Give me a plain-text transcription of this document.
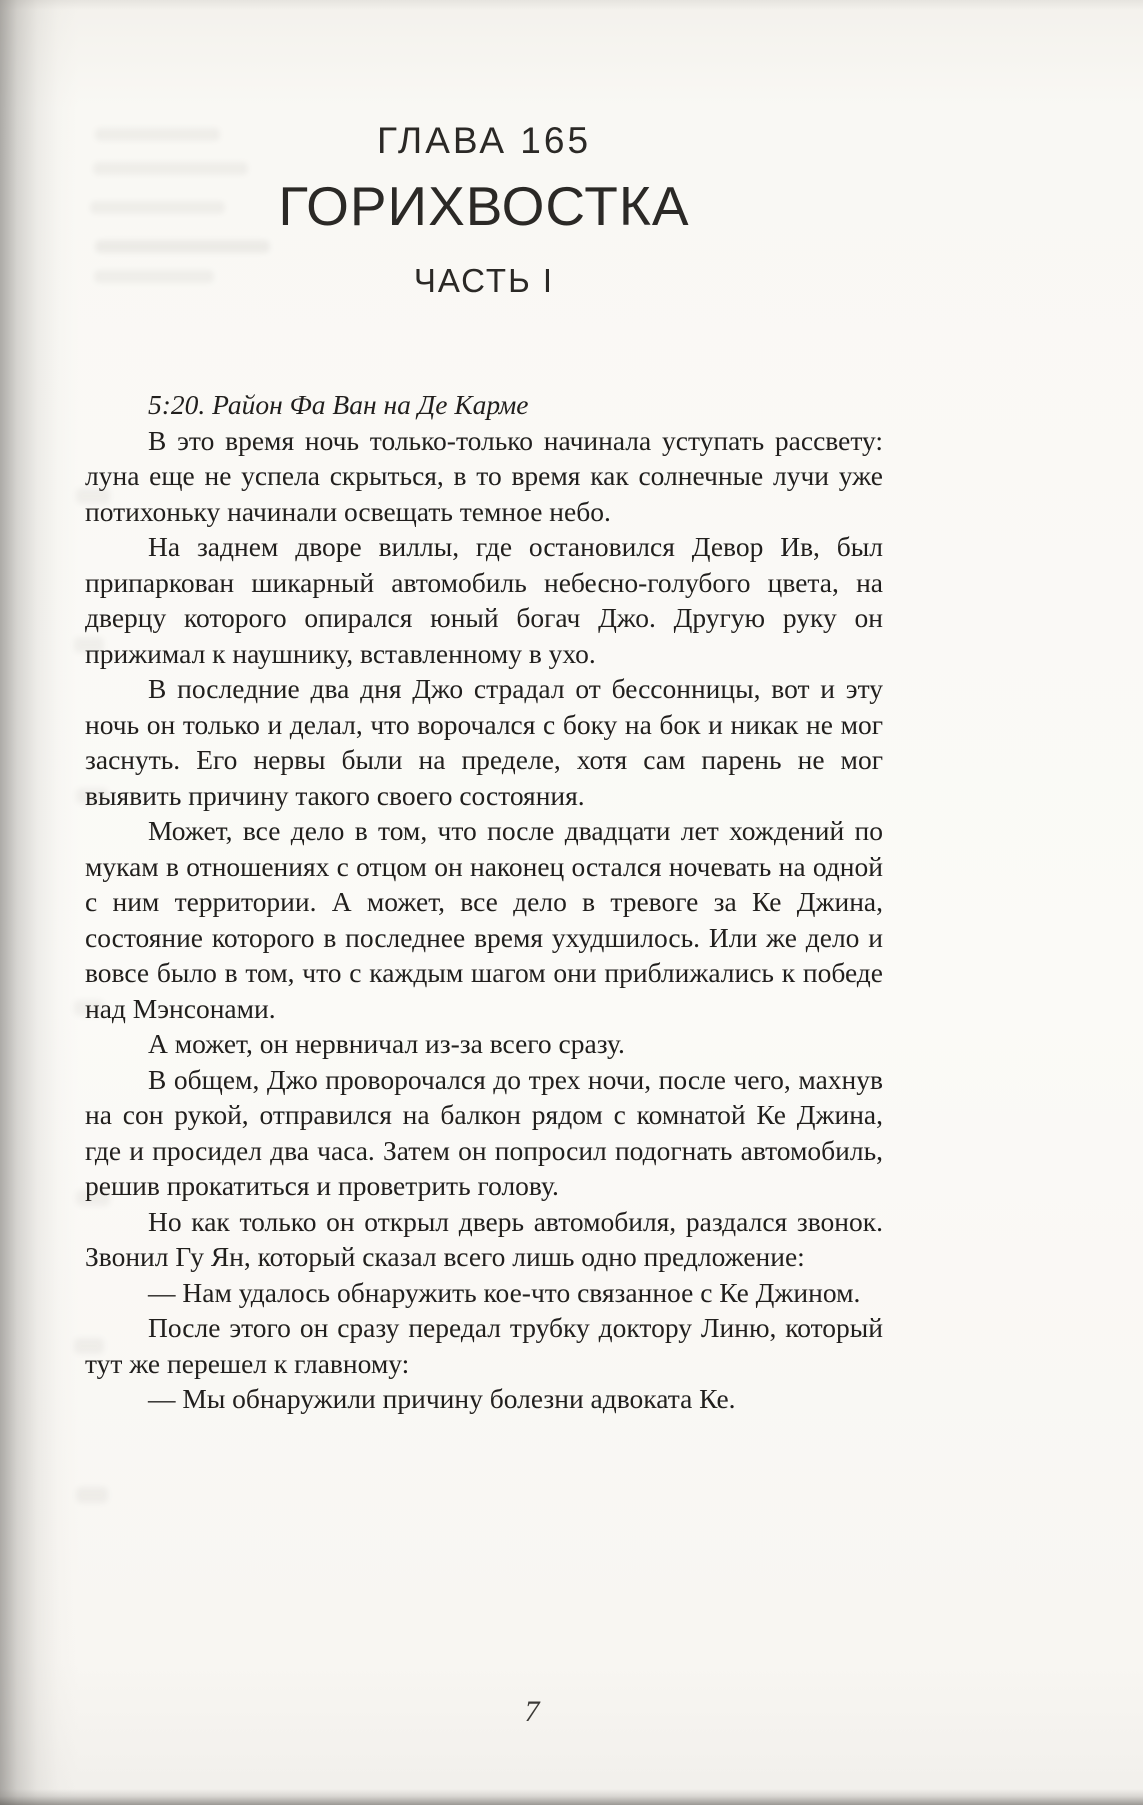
ГЛАВА 165
ГОРИХВОСТКА
ЧАСТЬ I

5:20. Район Фа Ван на Де Карме

В это время ночь только-только начинала уступать рассвету: луна еще не успела скрыться, в то время как солнечные лучи уже потихоньку начинали освещать темное небо.

На заднем дворе виллы, где остановился Девор Ив, был припаркован шикарный автомобиль небесно-голубого цвета, на дверцу которого опирался юный богач Джо. Другую руку он прижимал к наушнику, вставленному в ухо.

В последние два дня Джо страдал от бессонницы, вот и эту ночь он только и делал, что ворочался с боку на бок и никак не мог заснуть. Его нервы были на пределе, хотя сам парень не мог выявить причину такого своего состояния.

Может, все дело в том, что после двадцати лет хождений по мукам в отношениях с отцом он наконец остался ночевать на одной с ним территории. А может, все дело в тревоге за Ке Джина, состояние которого в последнее время ухудшилось. Или же дело и вовсе было в том, что с каждым шагом они приближались к победе над Мэнсонами.

А может, он нервничал из-за всего сразу.

В общем, Джо проворочался до трех ночи, после чего, махнув на сон рукой, отправился на балкон рядом с комнатой Ке Джина, где и просидел два часа. Затем он попросил подогнать автомобиль, решив прокатиться и проветрить голову.

Но как только он открыл дверь автомобиля, раздался звонок. Звонил Гу Ян, который сказал всего лишь одно предложение:

— Нам удалось обнаружить кое-что связанное с Ке Джином.

После этого он сразу передал трубку доктору Линю, который тут же перешел к главному:

— Мы обнаружили причину болезни адвоката Ке.

7
